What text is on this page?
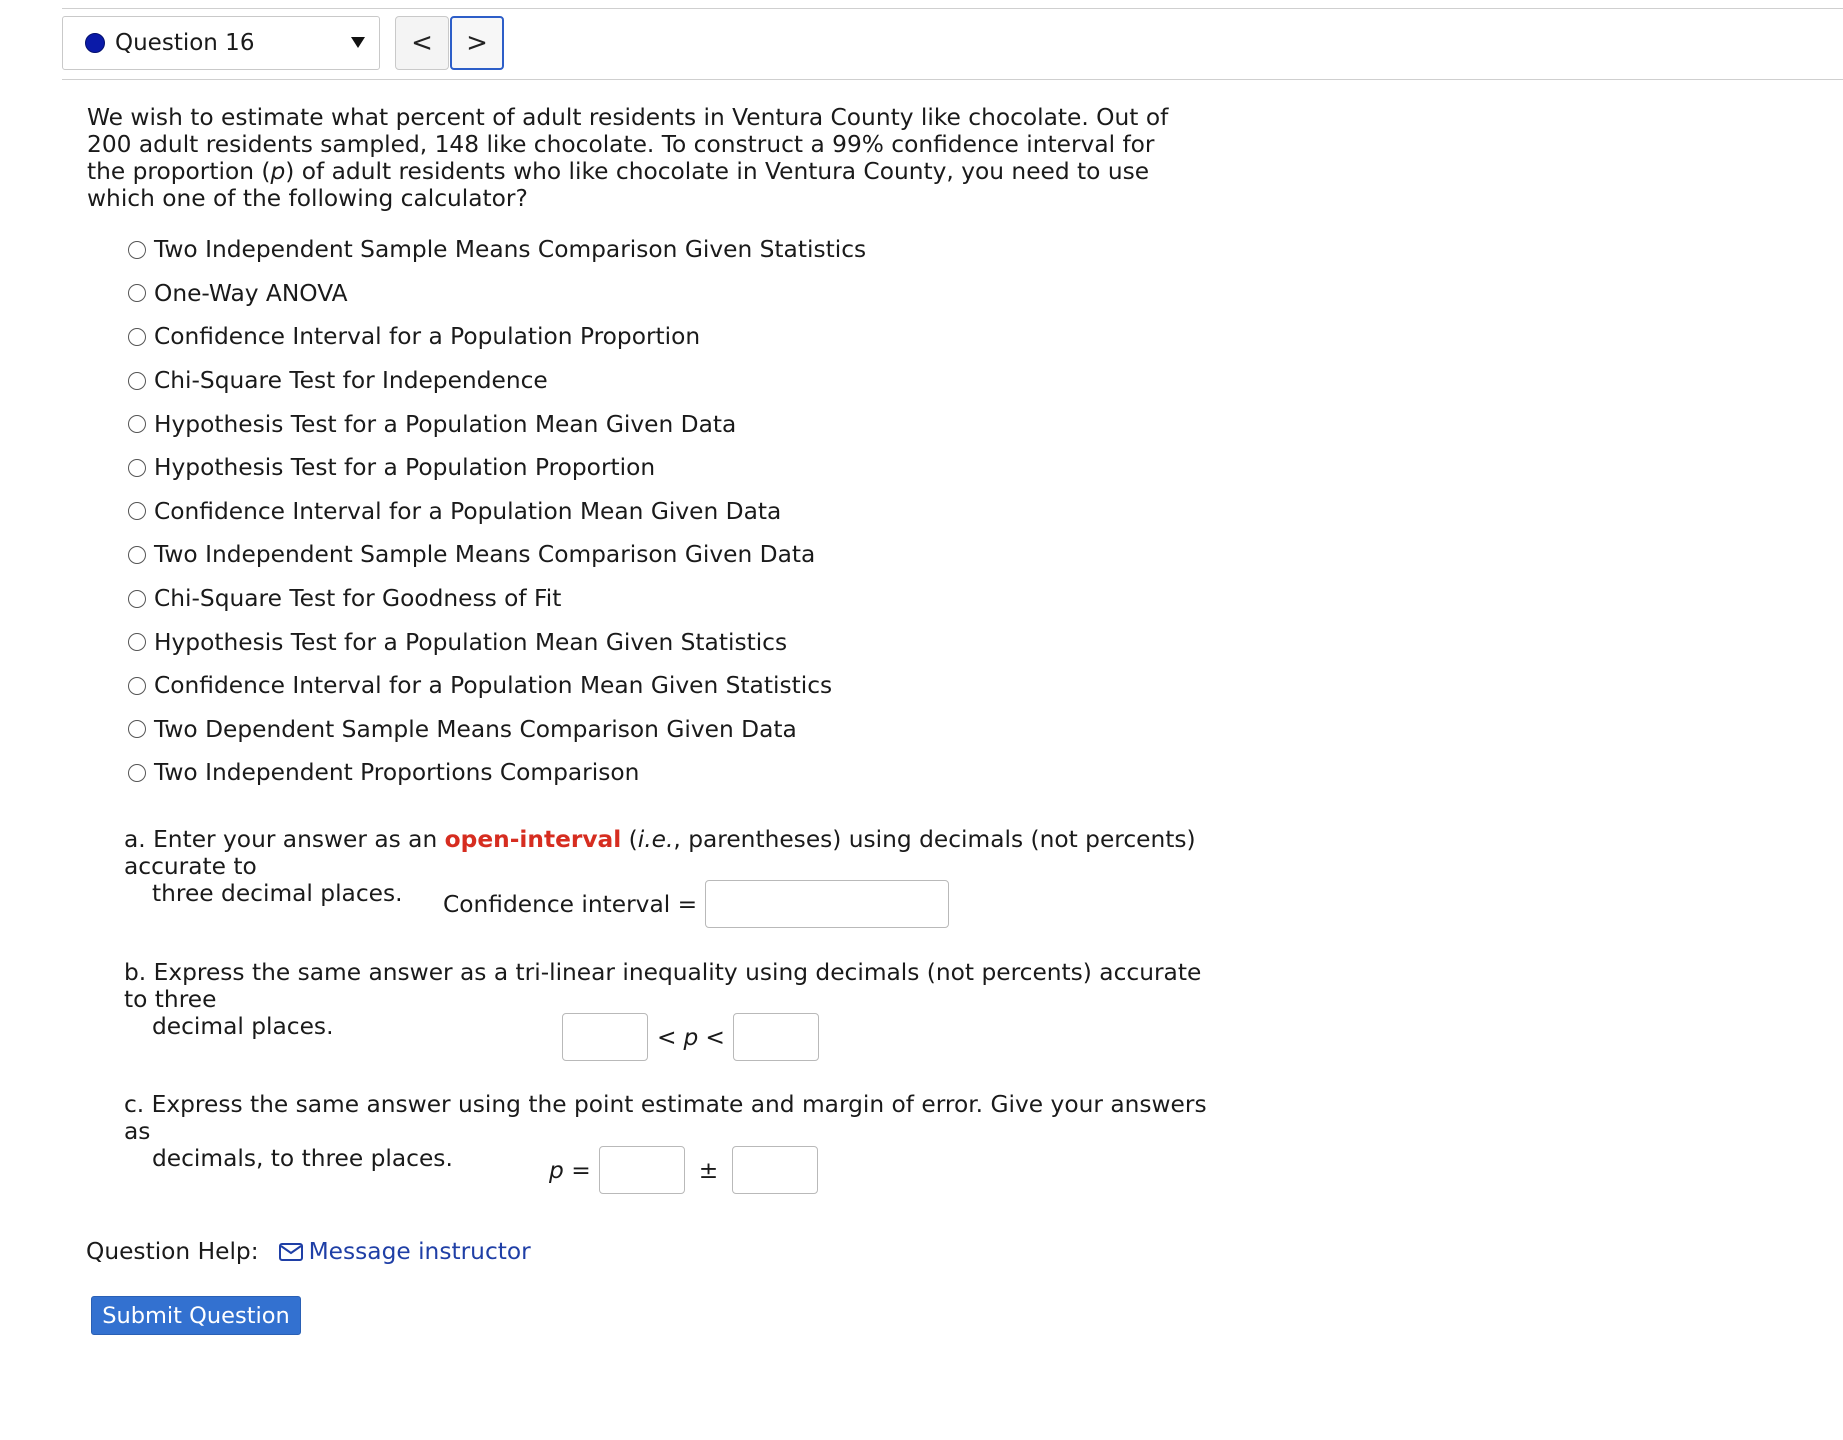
Question 16	< >
We wish to estimate what percent of adult residents in Ventura County like chocolate. Out of 200 adult residents sampled, 148 like chocolate. To construct a 99% confidence interval for the proportion (p) of adult residents who like chocolate in Ventura County, you need to use which one of the following calculator?
Two Independent Sample Means Comparison Given Statistics
One-Way ANOVA
Confidence Interval for a Population Proportion
Chi-Square Test for Independence
Hypothesis Test for a Population Mean Given Data
Hypothesis Test for a Population Proportion
Confidence Interval for a Population Mean Given Data
Two Independent Sample Means Comparison Given Data
Chi-Square Test for Goodness of Fit
Hypothesis Test for a Population Mean Given Statistics
Confidence Interval for a Population Mean Given Statistics
Two Dependent Sample Means Comparison Given Data
Two Independent Proportions Comparison
a. Enter your answer as an open-interval (i.e., parentheses) using decimals (not percents) accurate to
three decimal places.	Confidence interval =
b. Express the same answer as a tri-linear inequality using decimals (not percents) accurate to three
decimal places.	< p <
c. Express the same answer using the point estimate and margin of error. Give your answers as
decimals, to three places.	p =	±
Question Help: Message instructor
Submit Question
